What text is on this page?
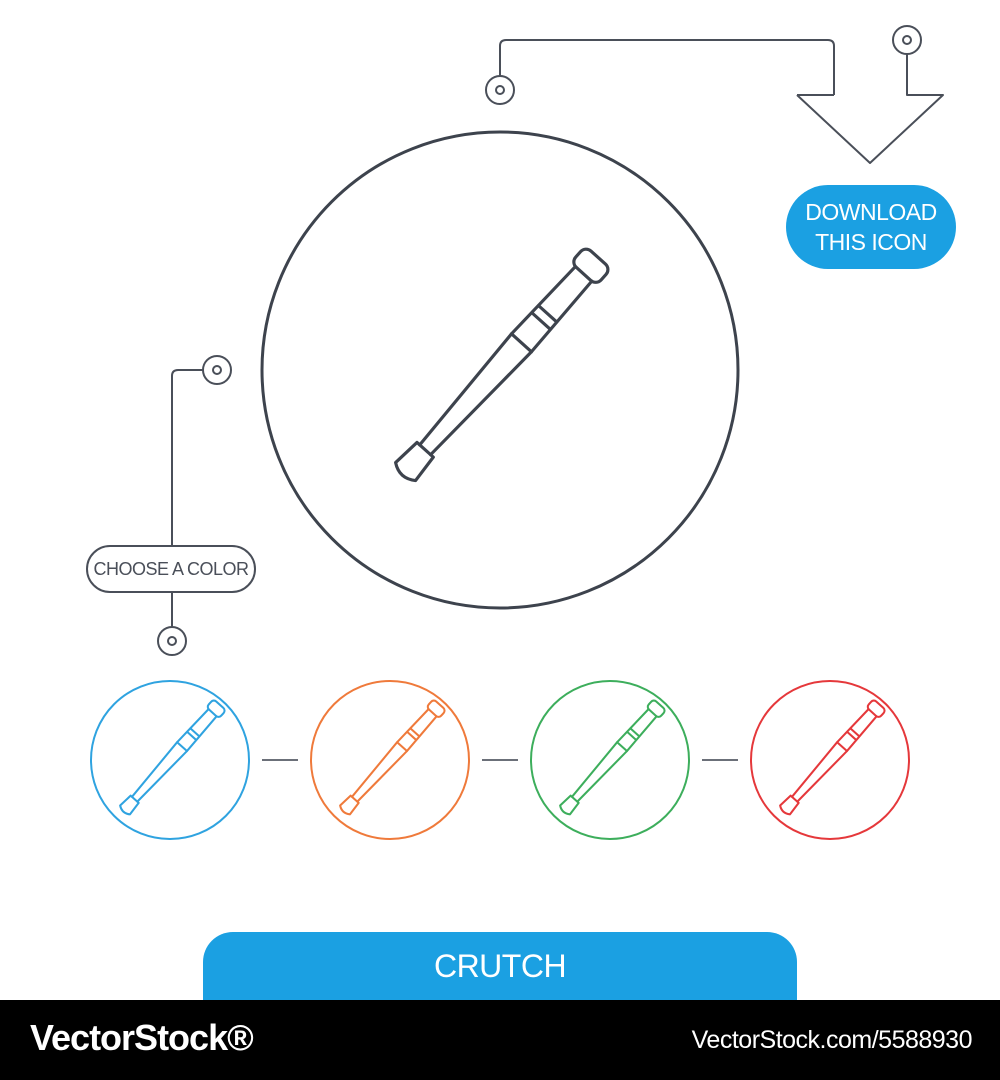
DOWNLOAD
THIS ICON
CHOOSE A COLOR
CRUTCH
VectorStock®	VectorStock.com/5588930
